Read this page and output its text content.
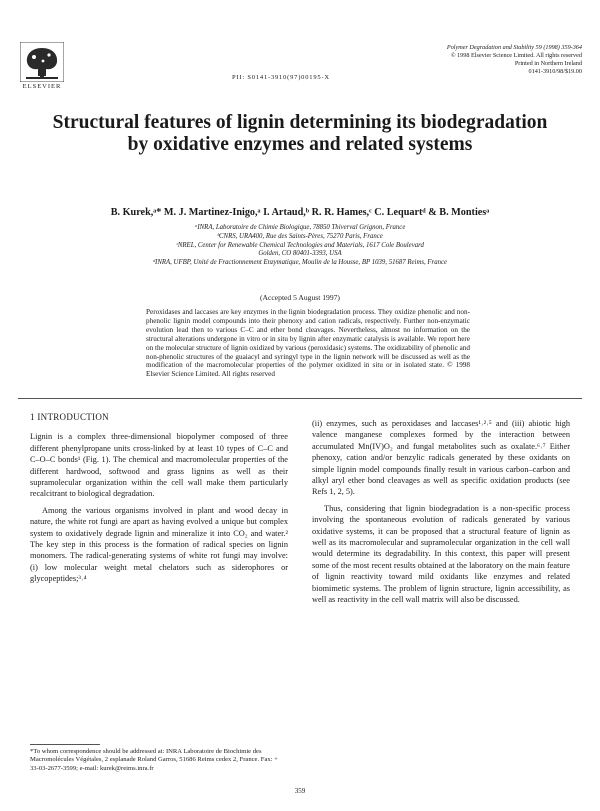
ELSEVIER
PII: S0141-3910(97)00195-X
Polymer Degradation and Stability 59 (1998) 359-364
© 1998 Elsevier Science Limited. All rights reserved
Printed in Northern Ireland
0141-3910/98/$19.00
Structural features of lignin determining its biodegradation by oxidative enzymes and related systems
B. Kurek,ᵃ* M. J. Martinez-Inigo,ᵃ I. Artaud,ᵇ R. R. Hames,ᶜ C. Lequartᵈ & B. Montiesᵃ
ᵃINRA, Laboratoire de Chimie Biologique, 78850 Thiverval Grignon, France
ᵇCNRS, URA400, Rue des Saints-Pères, 75270 Paris, France
ᶜNREL, Center for Renewable Chemical Technologies and Materials, 1617 Cole Boulevard
Golden, CO 80401-3393, USA
ᵈINRA, UFBP, Unité de Fractionnement Enzymatique, Moulin de la Housse, BP 1039, 51687 Reims, France
(Accepted 5 August 1997)

Peroxidases and laccases are key enzymes in the lignin biodegradation process. They oxidize phenolic and non-phenolic lignin model compounds into their phenoxy and cation radicals, respectively. Further non-enzymatic evolution lead then to various C–C and ether bond cleavages. Nevertheless, almost no information on the structural alterations undergone in vitro or in situ by lignin after enzymatic catalysis is available. We report here on the molecular structure of lignin oxidized by various (peroxidasic) systems. The oxidizability of phenolic and non-phenolic structures of the guaiacyl and syringyl type in the lignin network will be discussed as well as the modification of the macromolecular properties of the polymer oxidized in situ or in isolated state. © 1998 Elsevier Science Limited. All rights reserved

1 INTRODUCTION

Lignin is a complex three-dimensional biopolymer composed of three different phenylpropane units cross-linked by at least 10 types of C–C and C–O–C bonds¹ (Fig. 1). The chemical and macromolecular properties of the different hardwood, softwood and grass lignins as well as their supramolecular organization within the cell wall make them particularly recalcitrant to biological degradation.

Among the various organisms involved in plant and wood decay in nature, the white rot fungi are apart as having evolved a unique but complex system to oxidatively degrade lignin and mineralize it into CO₂ and water.² The key step in this process is the formation of radical species on lignin monomers. The radical-generating systems of white rot fungi may involve: (i) low molecular weight metal chelators such as siderophores or glycopeptides;³˒⁴

(ii) enzymes, such as peroxidases and laccases¹˒²˒⁵ and (iii) abiotic high valence manganese complexes formed by the interaction between accumulated Mn(IV)O₂ and fungal metabolites such as oxalate.⁶˒⁷ Either phenoxy, cation and/or benzylic radicals generated by these oxidants on simple lignin model compounds finally result in various carbon–carbon and alkyl aryl ether bond cleavages as well as specific oxidation products (see Refs 1, 2, 5).

Thus, considering that lignin biodegradation is a non-specific process involving the spontaneous evolution of radicals generated by various oxidative systems, it can be proposed that a structural feature of lignin as well as its macromolecular and supramolecular organization in the cell wall would determine its degradability. In this context, this paper will present some of the most recent results obtained at the laboratory on the main feature of lignin reactivity toward mild oxidants like enzymes and related biomimetic systems. The problem of lignin structure, lignin accessibility, as well as reactivity in the cell wall matrix will also be discussed.

*To whom correspondence should be addressed at: INRA Laboratoire de Biochimie des Macromolécules Végétales, 2 esplanade Roland Garros, 51686 Reims cedex 2, France. Fax: + 33-03-2677-3599; e-mail: kurek@reims.inra.fr

359
